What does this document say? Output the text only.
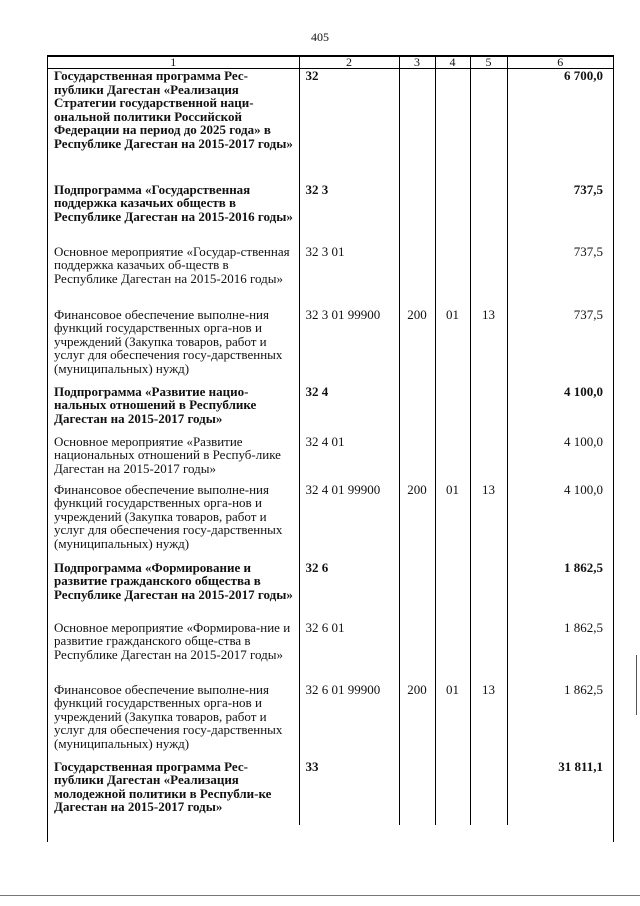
405
1	2	3	4	5	6
Государственная программа Рес-публики Дагестан «Реализация Стратегии государственной наци-ональной политики Российской Федерации на период до 2025 года» в Республике Дагестан на 2015-2017 годы»	32				6 700,0
Подпрограмма «Государственная поддержка казачьих обществ в Республике Дагестан на 2015-2016 годы»	32 3				737,5
Основное мероприятие «Государ-ственная поддержка казачьих об-ществ в Республике Дагестан на 2015-2016 годы»	32 3 01				737,5
Финансовое обеспечение выполне-ния функций государственных орга-нов и учреждений (Закупка товаров, работ и услуг для обеспечения госу-дарственных (муниципальных) нужд)	32 3 01 99900	200	01	13	737,5
Подпрограмма «Развитие нацио-нальных отношений в Республике Дагестан на 2015-2017 годы»	32 4				4 100,0
Основное мероприятие «Развитие национальных отношений в Респуб-лике Дагестан на 2015-2017 годы»	32 4 01				4 100,0
Финансовое обеспечение выполне-ния функций государственных орга-нов и учреждений (Закупка товаров, работ и услуг для обеспечения госу-дарственных (муниципальных) нужд)	32 4 01 99900	200	01	13	4 100,0
Подпрограмма «Формирование и развитие гражданского общества в Республике Дагестан на 2015-2017 годы»	32 6				1 862,5
Основное мероприятие «Формирова-ние и развитие гражданского обще-ства в Республике Дагестан на 2015-2017 годы»	32 6 01				1 862,5
Финансовое обеспечение выполне-ния функций государственных орга-нов и учреждений (Закупка товаров, работ и услуг для обеспечения госу-дарственных (муниципальных) нужд)	32 6 01 99900	200	01	13	1 862,5
Государственная программа Рес-публики Дагестан «Реализация молодежной политики в Республи-ке Дагестан на 2015-2017 годы»	33				31 811,1
